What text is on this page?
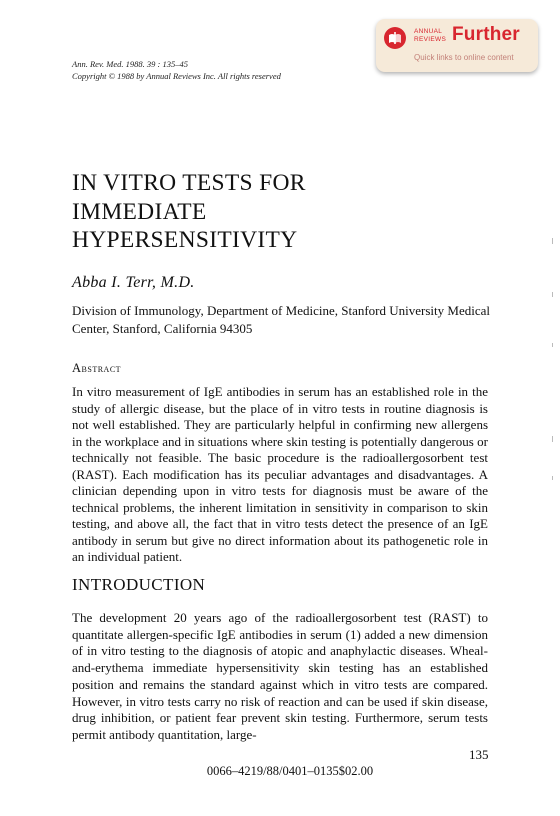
Ann. Rev. Med. 1988. 39 : 135–45
Copyright © 1988 by Annual Reviews Inc. All rights reserved
ANNUAL
REVIEWS Further
Quick links to online content
IN VITRO TESTS FOR
IMMEDIATE
HYPERSENSITIVITY
Abba I. Terr, M.D.
Division of Immunology, Department of Medicine, Stanford University Medical Center, Stanford, California 94305
Abstract
In vitro measurement of IgE antibodies in serum has an established role in the study of allergic disease, but the place of in vitro tests in routine diagnosis is not well established. They are particularly helpful in confirming new allergens in the workplace and in situations where skin testing is potentially dangerous or technically not feasible. The basic procedure is the radioallergosorbent test (RAST). Each modification has its peculiar advantages and disadvantages. A clinician depending upon in vitro tests for diagnosis must be aware of the technical problems, the inherent limitation in sensitivity in comparison to skin testing, and above all, the fact that in vitro tests detect the presence of an IgE antibody in serum but give no direct information about its pathogenetic role in an individual patient.
INTRODUCTION
The development 20 years ago of the radioallergosorbent test (RAST) to quantitate allergen-specific IgE antibodies in serum (1) added a new dimension of in vitro testing to the diagnosis of atopic and anaphylactic diseases. Wheal-and-erythema immediate hypersensitivity skin testing has an established position and remains the standard against which in vitro tests are compared. However, in vitro tests carry no risk of reaction and can be used if skin disease, drug inhibition, or patient fear prevent skin testing. Furthermore, serum tests permit antibody quantitation, large-
135
0066–4219/88/0401–0135$02.00
